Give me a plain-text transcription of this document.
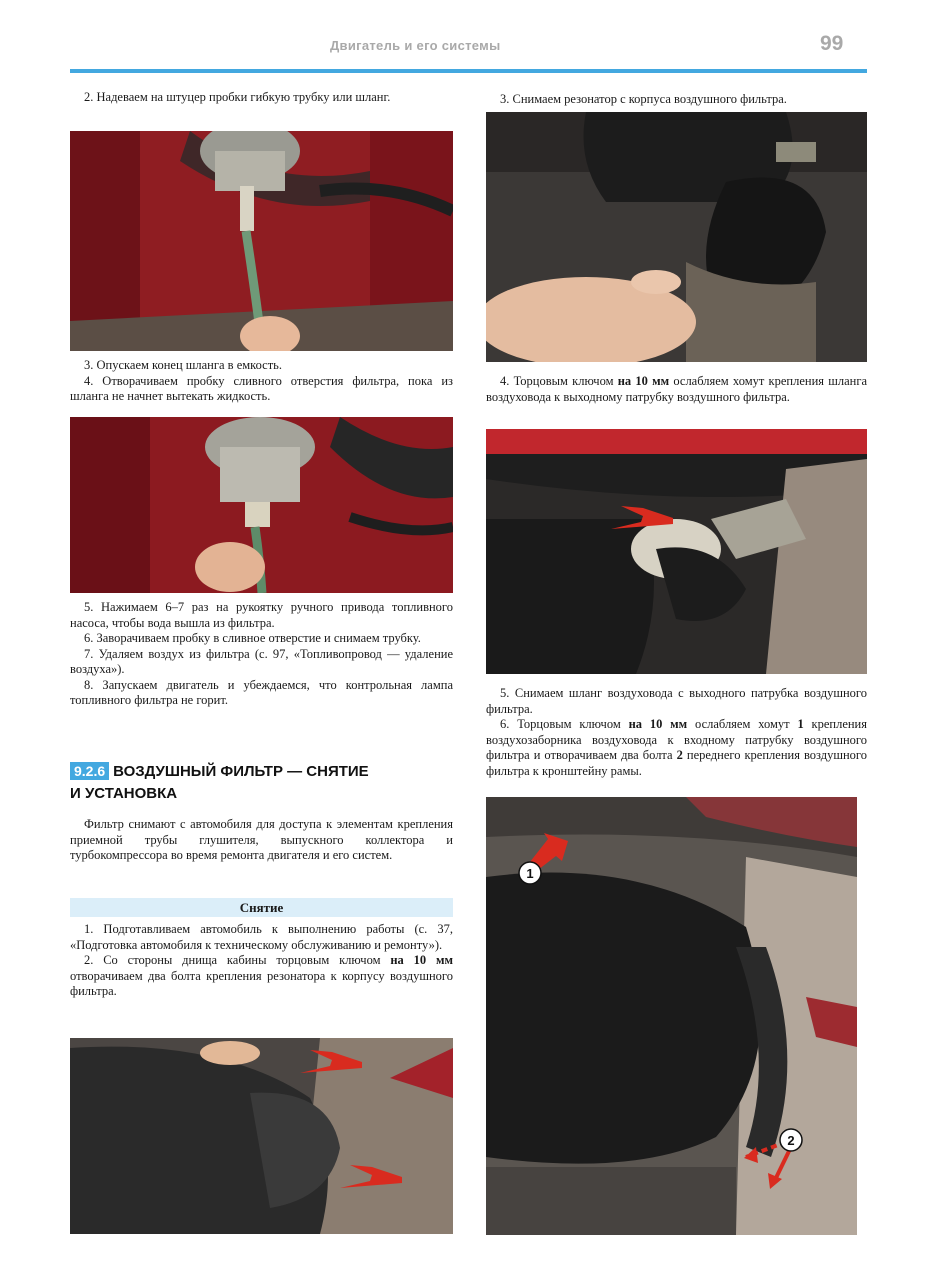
Двигатель и его системы	99

2. Надеваем на штуцер пробки гибкую трубку или шланг.

3. Опускаем конец шланга в емкость.

4. Отворачиваем пробку сливного отверстия фильтра, пока из шланга не начнет вытекать жидкость.

5. Нажимаем 6–7 раз на рукоятку ручного привода топливного насоса, чтобы вода вышла из фильтра.

6. Заворачиваем пробку в сливное отверстие и снимаем трубку.

7. Удаляем воздух из фильтра (с. 97, «Топливопровод — удаление воздуха»).

8. Запускаем двигатель и убеждаемся, что контрольная лампа топливного фильтра не горит.

9.2.6 ВОЗДУШНЫЙ ФИЛЬТР — СНЯТИЕ
И УСТАНОВКА

Фильтр снимают с автомобиля для доступа к элементам крепления приемной трубы глушителя, выпускного коллектора и турбокомпрессора во время ремонта двигателя и его систем.

Снятие

1. Подготавливаем автомобиль к выполнению работы (с. 37, «Подготовка автомобиля к техническому обслуживанию и ремонту»).

2. Со стороны днища кабины торцовым ключом на 10 мм отворачиваем два болта крепления резонатора к корпусу воздушного фильтра.

3. Снимаем резонатор с корпуса воздушного фильтра.

4. Торцовым ключом на 10 мм ослабляем хомут крепления шланга воздуховода к выходному патрубку воздушного фильтра.

5. Снимаем шланг воздуховода с выходного патрубка воздушного фильтра.

6. Торцовым ключом на 10 мм ослабляем хомут 1 крепления воздухозаборника воздуховода к входному патрубку воздушного фильтра и отворачиваем два болта 2 переднего крепления воздушного фильтра к кронштейну рамы.

1
2
